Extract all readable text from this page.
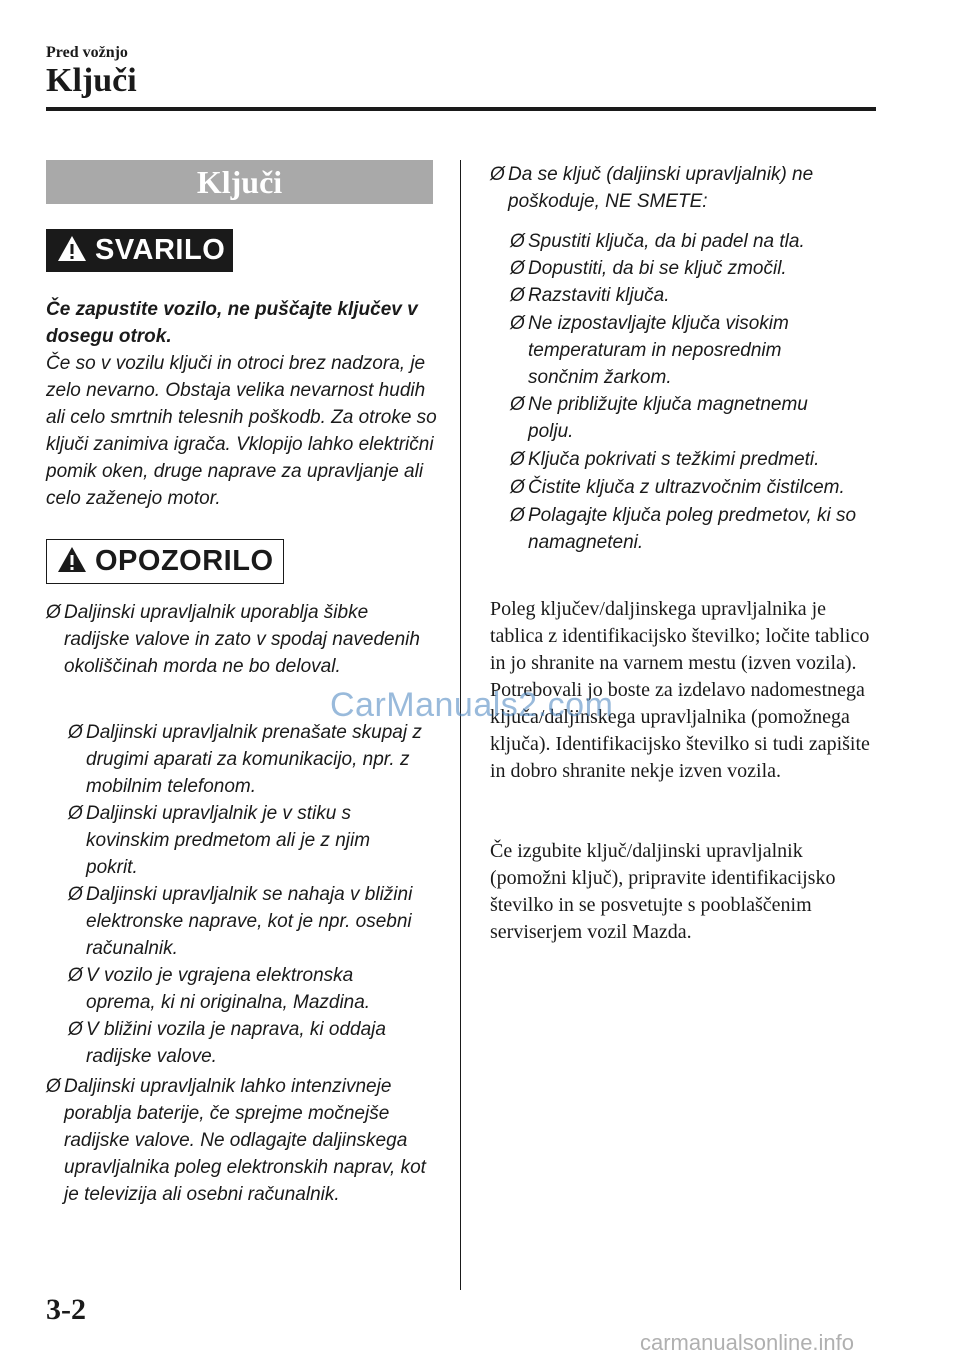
Pred vožnjo
Ključi
Ključi
SVARILO
Če zapustite vozilo, ne puščajte ključev v dosegu otrok.
Če so v vozilu ključi in otroci brez nadzora, je zelo nevarno. Obstaja velika nevarnost hudih ali celo smrtnih telesnih poškodb. Za otroke so ključi zanimiva igrača. Vklopijo lahko električni pomik oken, druge naprave za upravljanje ali celo zaženejo motor.
OPOZORILO
Ø Daljinski upravljalnik uporablja šibke radijske valove in zato v spodaj navedenih okoliščinah morda ne bo deloval.
Ø Daljinski upravljalnik prenašate skupaj z drugimi aparati za komunikacijo, npr. z mobilnim telefonom.
Ø Daljinski upravljalnik je v stiku s kovinskim predmetom ali je z njim pokrit.
Ø Daljinski upravljalnik se nahaja v bližini elektronske naprave, kot je npr. osebni računalnik.
Ø V vozilo je vgrajena elektronska oprema, ki ni originalna, Mazdina.
Ø V bližini vozila je naprava, ki oddaja radijske valove.
Ø Daljinski upravljalnik lahko intenzivneje porablja baterije, če sprejme močnejše radijske valove. Ne odlagajte daljinskega upravljalnika poleg elektronskih naprav, kot je televizija ali osebni računalnik.
Ø Da se ključ (daljinski upravljalnik) ne poškoduje, NE SMETE:
Ø Spustiti ključa, da bi padel na tla.
Ø Dopustiti, da bi se ključ zmočil.
Ø Razstaviti ključa.
Ø Ne izpostavljajte ključa visokim temperaturam in neposrednim sončnim žarkom.
Ø Ne približujte ključa magnetnemu polju.
Ø Ključa pokrivati s težkimi predmeti.
Ø Čistite ključa z ultrazvočnim čistilcem.
Ø Polagajte ključa poleg predmetov, ki so namagneteni.
Poleg ključev/daljinskega upravljalnika je tablica z identifikacijsko številko; ločite tablico in jo shranite na varnem mestu (izven vozila). Potrebovali jo boste za izdelavo nadomestnega ključa/daljinskega upravljalnika (pomožnega ključa). Identifikacijsko številko si tudi zapišite in dobro shranite nekje izven vozila.
Če izgubite ključ/daljinski upravljalnik (pomožni ključ), pripravite identifikacijsko številko in se posvetujte s pooblaščenim serviserjem vozil Mazda.
3-2
CarManuals2.com
carmanualsonline.info
